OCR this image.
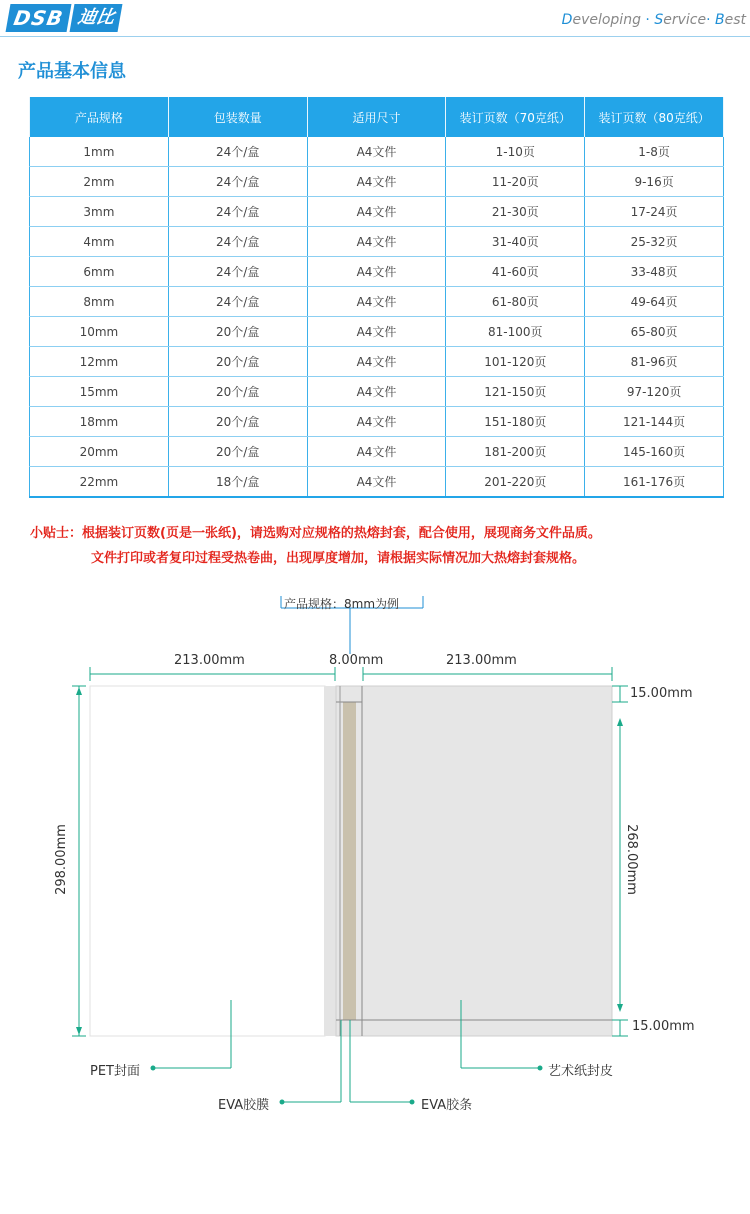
DSB 迪比	Developing · Service· Best
产品基本信息
产品规格	包装数量	适用尺寸	装订页数（70克纸）	装订页数（80克纸）
1mm	24个/盒	A4文件	1-10页	1-8页
2mm	24个/盒	A4文件	11-20页	9-16页
3mm	24个/盒	A4文件	21-30页	17-24页
4mm	24个/盒	A4文件	31-40页	25-32页
6mm	24个/盒	A4文件	41-60页	33-48页
8mm	24个/盒	A4文件	61-80页	49-64页
10mm	20个/盒	A4文件	81-100页	65-80页
12mm	20个/盒	A4文件	101-120页	81-96页
15mm	20个/盒	A4文件	121-150页	97-120页
18mm	20个/盒	A4文件	151-180页	121-144页
20mm	20个/盒	A4文件	181-200页	145-160页
22mm	18个/盒	A4文件	201-220页	161-176页
小贴士：根据装订页数(页是一张纸)，请选购对应规格的热熔封套，配合使用，展现商务文件品质。
文件打印或者复印过程受热卷曲，出现厚度增加，请根据实际情况加大热熔封套规格。
产品规格：8mm为例
213.00mm	8.00mm	213.00mm
298.00mm	268.00mm
15.00mm
15.00mm
PET封面
EVA胶膜	EVA胶条
艺术纸封皮
